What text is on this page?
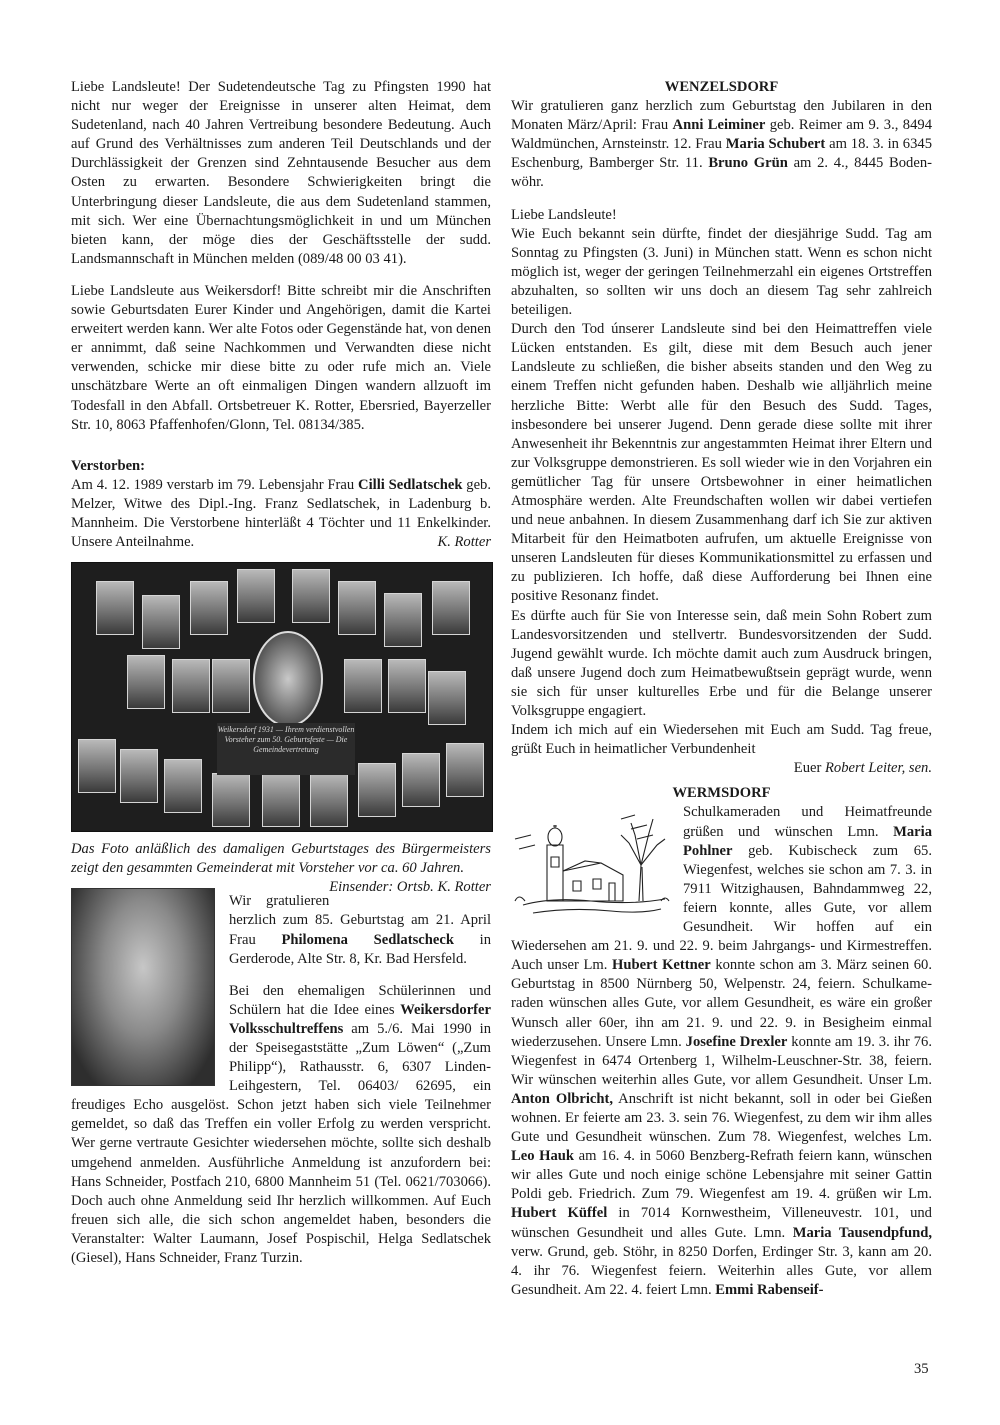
Liebe Landsleute! Der Sudetendeutsche Tag zu Pfingsten 1990 hat nicht nur weger der Ereignisse in unserer alten Heimat, dem Sudetenland, nach 40 Jahren Vertreibung besondere Bedeutung. Auch auf Grund des Verhältnisses zum anderen Teil Deutschlands und der Durchlässigkeit der Grenzen sind Zehntausende Besucher aus dem Osten zu erwarten. Besondere Schwierigkeiten bringt die Unterbringung dieser Landsleute, die aus dem Sudetenland stammen, mit sich. Wer eine Übernachtungsmöglichkeit in und um München bieten kann, der möge dies der Geschäftsstelle der sudd. Landsmannschaft in München melden (089/48 00 03 41).

Liebe Landsleute aus Weikersdorf! Bitte schreibt mir die Anschriften sowie Geburtsdaten Eurer Kinder und Angehörigen, damit die Kartei erweitert werden kann. Wer alte Fotos oder Gegenstände hat, von denen er annimmt, daß seine Nachkommen und Verwandten diese nicht verwenden, schicke mir diese bitte zu oder rufe mich an. Viele unschätzbare Werte an oft einmaligen Dingen wandern allzuoft im Todesfall in den Abfall. Ortsbetreuer K. Rotter, Ebersried, Bayerzeller Str. 10, 8063 Pfaffenhofen/Glonn, Tel. 08134/385.

Verstorben:

Am 4. 12. 1989 verstarb im 79. Lebensjahr Frau Cilli Sedlatschek geb. Melzer, Witwe des Dipl.-Ing. Franz Sedlatschek, in Ladenburg b. Mannheim. Die Verstorbene hinterläßt 4 Töchter und 11 Enkelkinder. Unsere Anteilnahme.	K. Rotter

Weikersdorf 1931 — Ihrem verdienstvollen Vorsteher zum 50. Geburtsfeste — Die Gemeindevertretung

Das Foto anläßlich des damaligen Geburtstages des Bürgermeisters zeigt den gesammten Gemeinderat mit Vorsteher vor ca. 60 Jahren.
Einsender: Ortsb. K. Rotter

Wir gratulieren herzlich zum 85. Geburtstag am 21. April Frau Philomena Sedlatscheck in Gerderode, Alte Str. 8, Kr. Bad Hersfeld.

Bei den ehemaligen Schülerinnen und Schülern hat die Idee eines Weikersdorfer Volksschultreffens am 5./6. Mai 1990 in der Speisegaststätte „Zum Löwen“ („Zum Philipp“), Rathausstr. 6, 6307 Linden-Leihgestern, Tel. 06403/ 62695, ein freudiges Echo ausgelöst. Schon jetzt haben sich viele Teilnehmer gemeldet, so daß das Treffen ein voller Erfolg zu werden verspricht. Wer gerne vertraute Gesichter wiedersehen möchte, sollte sich deshalb umgehend anmelden. Ausführliche Anmeldung ist anzufordern bei: Hans Schneider, Postfach 210, 6800 Mannheim 51 (Tel. 0621/703066). Doch auch ohne Anmeldung seid Ihr herzlich willkommen. Auf Euch freuen sich alle, die sich schon angemeldet haben, besonders die Veranstalter: Walter Laumann, Josef Pospischil, Helga Sedlatschek (Giesel), Hans Schneider, Franz Turzin.

WENZELSDORF

Wir gratulieren ganz herzlich zum Geburtstag den Jubilaren in den Monaten März/April: Frau Anni Leiminer geb. Reimer am 9. 3., 8494 Waldmünchen, Arnsteinstr. 12. Frau Maria Schubert am 18. 3. in 6345 Eschenburg, Bamberger Str. 11. Bruno Grün am 2. 4., 8445 Bodenwöhr.

Liebe Landsleute!

Wie Euch bekannt sein dürfte, findet der diesjährige Sudd. Tag am Sonntag zu Pfingsten (3. Juni) in München statt. Wenn es schon nicht möglich ist, weger der geringen Teilnehmerzahl ein eigenes Ortstreffen abzuhalten, so sollten wir uns doch an diesem Tag sehr zahlreich beteiligen.

Durch den Tod únserer Landsleute sind bei den Heimattreffen viele Lücken entstanden. Es gilt, diese mit dem Besuch auch jener Landsleute zu schließen, die bisher abseits standen und den Weg zu einem Treffen nicht gefunden haben. Deshalb wie alljährlich meine herzliche Bitte: Werbt alle für den Besuch des Sudd. Tages, insbesondere bei unserer Jugend. Denn gerade diese sollte mit ihrer Anwesenheit ihr Bekenntnis zur angestammten Heimat ihrer Eltern und zur Volksgruppe demonstrieren. Es soll wieder wie in den Vorjahren ein gemütlicher Tag für unsere Ortsbewohner in einer heimatlichen Atmosphäre werden. Alte Freundschaften wollen wir dabei vertiefen und neue anbahnen. In diesem Zusammenhang darf ich Sie zur aktiven Mitarbeit für den Heimatboten aufrufen, um aktuelle Ereignisse von unseren Landsleuten für dieses Kommunikationsmittel zu erfassen und zu publizieren. Ich hoffe, daß diese Aufforderung bei Ihnen eine positive Resonanz findet.

Es dürfte auch für Sie von Interesse sein, daß mein Sohn Robert zum Landesvorsitzenden und stellvertr. Bundesvorsitzenden der Sudd. Jugend gewählt wurde. Ich möchte damit auch zum Ausdruck bringen, daß unsere Jugend doch zum Heimatbewußtsein geprägt wurde, wenn sie sich für unser kulturelles Erbe und für die Belange unserer Volksgruppe engagiert.

Indem ich mich auf ein Wiedersehen mit Euch am Sudd. Tag freue, grüßt Euch in heimatlicher Verbundenheit

Euer Robert Leiter, sen.

WERMSDORF

Schulkameraden und Heimatfreunde grüßen und wünschen Lmn. Maria Pohlner geb. Kubischeck zum 65. Wiegenfest, welches sie schon am 7. 3. in 7911 Witzighausen, Bahndammweg 22, feiern konnte, alles Gute, vor allem Gesundheit. Wir hoffen auf ein Wiedersehen am 21. 9. und 22. 9. beim Jahrgangs- und Kirmestreffen. Auch unser Lm. Hubert Kettner konnte schon am 3. März seinen 60. Geburtstag in 8500 Nürnberg 50, Welpenstr. 24, feiern. Schulkameraden wünschen alles Gute, vor allem Gesundheit, es wäre ein großer Wunsch aller 60er, ihn am 21. 9. und 22. 9. in Besigheim einmal wiederzusehen. Unsere Lmn. Josefine Drexler konnte am 19. 3. ihr 76. Wiegenfest in 6474 Ortenberg 1, Wilhelm-Leuschner-Str. 38, feiern. Wir wünschen weiterhin alles Gute, vor allem Gesundheit. Unser Lm. Anton Olbricht, Anschrift ist nicht bekannt, soll in oder bei Gießen wohnen. Er feierte am 23. 3. sein 76. Wiegenfest, zu dem wir ihm alles Gute und Gesundheit wünschen. Zum 78. Wiegenfest, welches Lm. Leo Hauk am 16. 4. in 5060 Benzberg-Refrath feiern kann, wünschen wir alles Gute und noch einige schöne Lebensjahre mit seiner Gattin Poldi geb. Friedrich. Zum 79. Wiegenfest am 19. 4. grüßen wir Lm. Hubert Küffel in 7014 Kornwestheim, Villeneuvestr. 101, und wünschen Gesundheit und alles Gute. Lmn. Maria Tausendpfund, verw. Grund, geb. Stöhr, in 8250 Dorfen, Erdinger Str. 3, kann am 20. 4. ihr 76. Wiegenfest feiern. Weiterhin alles Gute, vor allem Gesundheit. Am 22. 4. feiert Lmn. Emmi Rabenseif-

35
